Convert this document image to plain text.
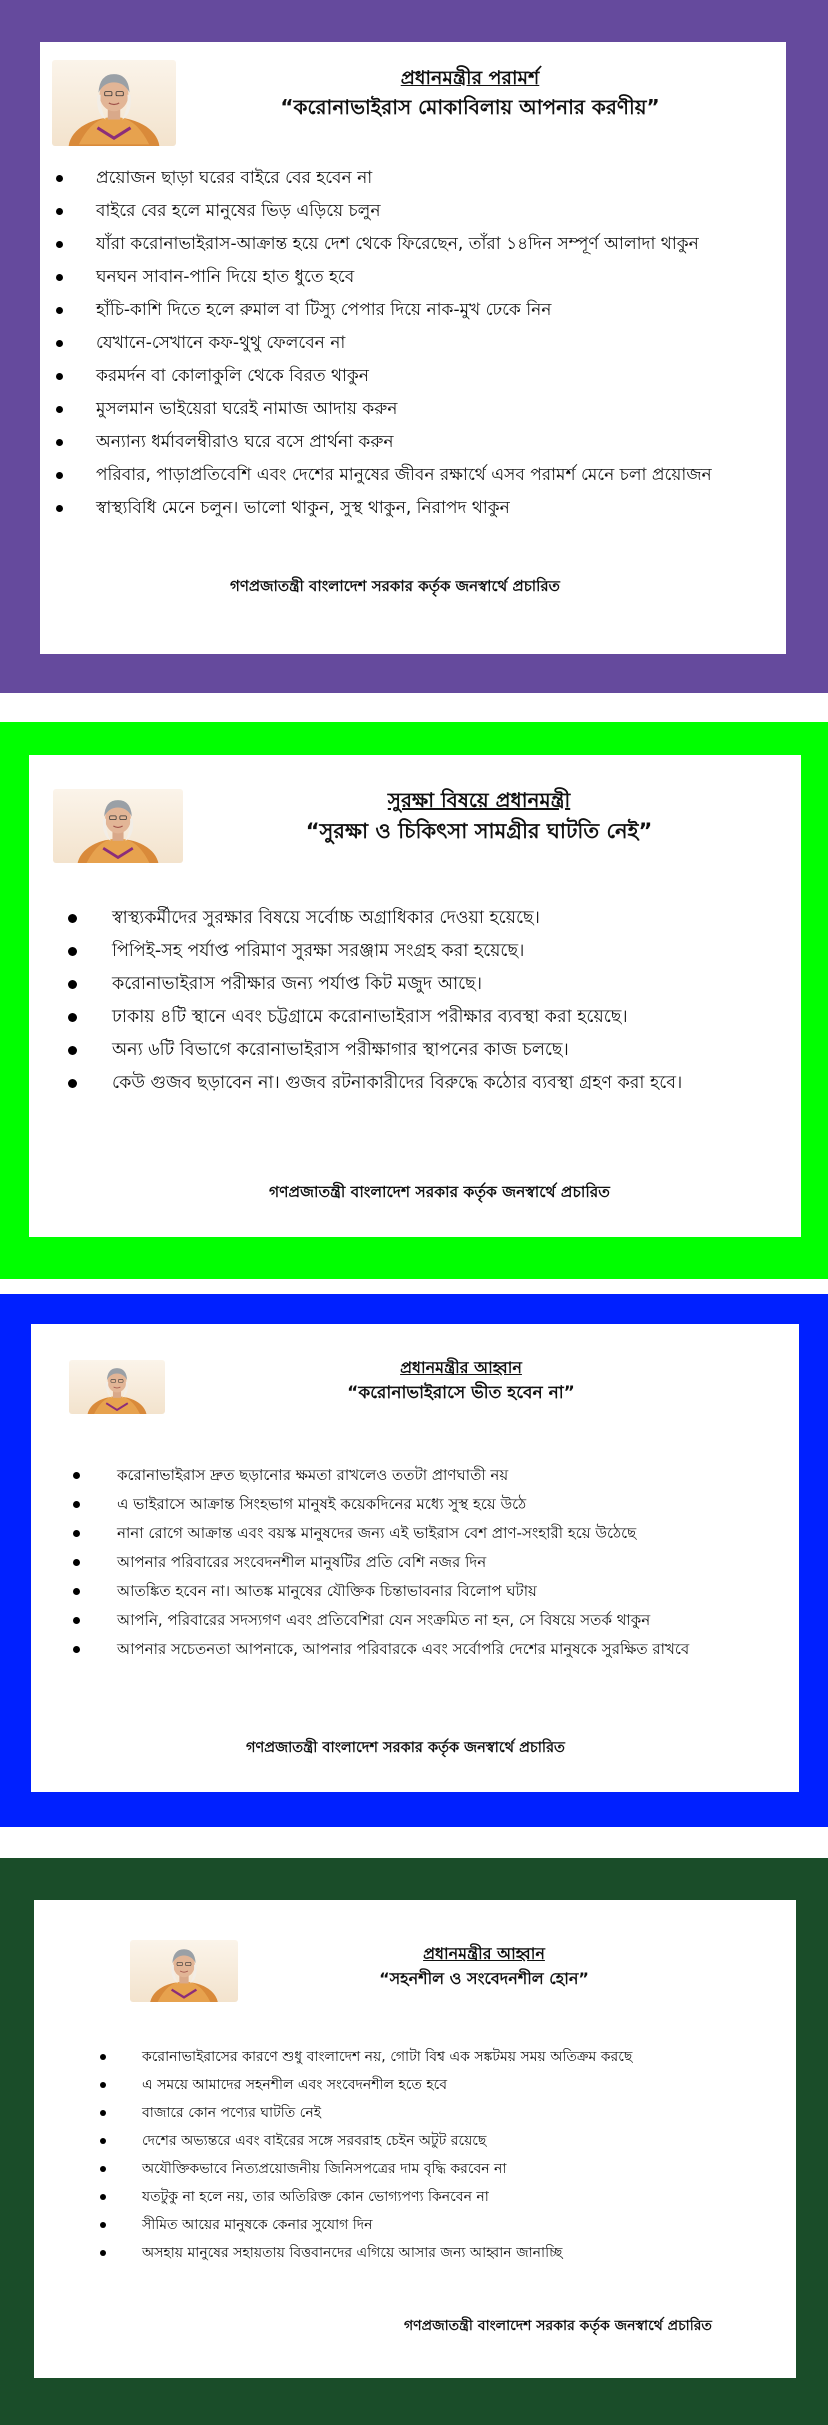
প্রধানমন্ত্রীর পরামর্শ
“করোনাভাইরাস মোকাবিলায় আপনার করণীয়”
প্রয়োজন ছাড়া ঘরের বাইরে বের হবেন না
বাইরে বের হলে মানুষের ভিড় এড়িয়ে চলুন
যাঁরা করোনাভাইরাস-আক্রান্ত হয়ে দেশ থেকে ফিরেছেন, তাঁরা ১৪দিন সম্পূর্ণ আলাদা থাকুন
ঘনঘন সাবান-পানি দিয়ে হাত ধুতে হবে
হাঁচি-কাশি দিতে হলে রুমাল বা টিস্যু পেপার দিয়ে নাক-মুখ ঢেকে নিন
যেখানে-সেখানে কফ-থুথু ফেলবেন না
করমর্দন বা কোলাকুলি থেকে বিরত থাকুন
মুসলমান ভাইয়েরা ঘরেই নামাজ আদায় করুন
অন্যান্য ধর্মাবলম্বীরাও ঘরে বসে প্রার্থনা করুন
পরিবার, পাড়াপ্রতিবেশি এবং দেশের মানুষের জীবন রক্ষার্থে এসব পরামর্শ মেনে চলা প্রয়োজন
স্বাস্থ্যবিধি মেনে চলুন। ভালো থাকুন, সুস্থ থাকুন, নিরাপদ থাকুন
গণপ্রজাতন্ত্রী বাংলাদেশ সরকার কর্তৃক জনস্বার্থে প্রচারিত
সুরক্ষা বিষয়ে প্রধানমন্ত্রী
“সুরক্ষা ও চিকিৎসা সামগ্রীর ঘাটতি নেই”
স্বাস্থ্যকর্মীদের সুরক্ষার বিষয়ে সর্বোচ্চ অগ্রাধিকার দেওয়া হয়েছে।
পিপিই-সহ পর্যাপ্ত পরিমাণ সুরক্ষা সরঞ্জাম সংগ্রহ করা হয়েছে।
করোনাভাইরাস পরীক্ষার জন্য পর্যাপ্ত কিট মজুদ আছে।
ঢাকায় ৪টি স্থানে এবং চট্টগ্রামে করোনাভাইরাস পরীক্ষার ব্যবস্থা করা হয়েছে।
অন্য ৬টি বিভাগে করোনাভাইরাস পরীক্ষাগার স্থাপনের কাজ চলছে।
কেউ গুজব ছড়াবেন না। গুজব রটনাকারীদের বিরুদ্ধে কঠোর ব্যবস্থা গ্রহণ করা হবে।
গণপ্রজাতন্ত্রী বাংলাদেশ সরকার কর্তৃক জনস্বার্থে প্রচারিত
প্রধানমন্ত্রীর আহ্বান
“করোনাভাইরাসে ভীত হবেন না”
করোনাভাইরাস দ্রুত ছড়ানোর ক্ষমতা রাখলেও ততটা প্রাণঘাতী নয়
এ ভাইরাসে আক্রান্ত সিংহভাগ মানুষই কয়েকদিনের মধ্যে সুস্থ হয়ে উঠে
নানা রোগে আক্রান্ত এবং বয়স্ক মানুষদের জন্য এই ভাইরাস বেশ প্রাণ-সংহারী হয়ে উঠেছে
আপনার পরিবারের সংবেদনশীল মানুষটির প্রতি বেশি নজর দিন
আতঙ্কিত হবেন না। আতঙ্ক মানুষের যৌক্তিক চিন্তাভাবনার বিলোপ ঘটায়
আপনি, পরিবারের সদস্যগণ এবং প্রতিবেশিরা যেন সংক্রমিত না হন, সে বিষয়ে সতর্ক থাকুন
আপনার সচেতনতা আপনাকে, আপনার পরিবারকে এবং সর্বোপরি দেশের মানুষকে সুরক্ষিত রাখবে
গণপ্রজাতন্ত্রী বাংলাদেশ সরকার কর্তৃক জনস্বার্থে প্রচারিত
প্রধানমন্ত্রীর আহ্বান
“সহনশীল ও সংবেদনশীল হোন”
করোনাভাইরাসের কারণে শুধু বাংলাদেশ নয়, গোটা বিশ্ব এক সঙ্কটময় সময় অতিক্রম করছে
এ সময়ে আমাদের সহনশীল এবং সংবেদনশীল হতে হবে
বাজারে কোন পণ্যের ঘাটতি নেই
দেশের অভ্যন্তরে এবং বাইরের সঙ্গে সরবরাহ চেইন অটুট রয়েছে
অযৌক্তিকভাবে নিত্যপ্রয়োজনীয় জিনিসপত্রের দাম বৃদ্ধি করবেন না
যতটুকু না হলে নয়, তার অতিরিক্ত কোন ভোগ্যপণ্য কিনবেন না
সীমিত আয়ের মানুষকে কেনার সুযোগ দিন
অসহায় মানুষের সহায়তায় বিত্তবানদের এগিয়ে আসার জন্য আহ্বান জানাচ্ছি
গণপ্রজাতন্ত্রী বাংলাদেশ সরকার কর্তৃক জনস্বার্থে প্রচারিত
